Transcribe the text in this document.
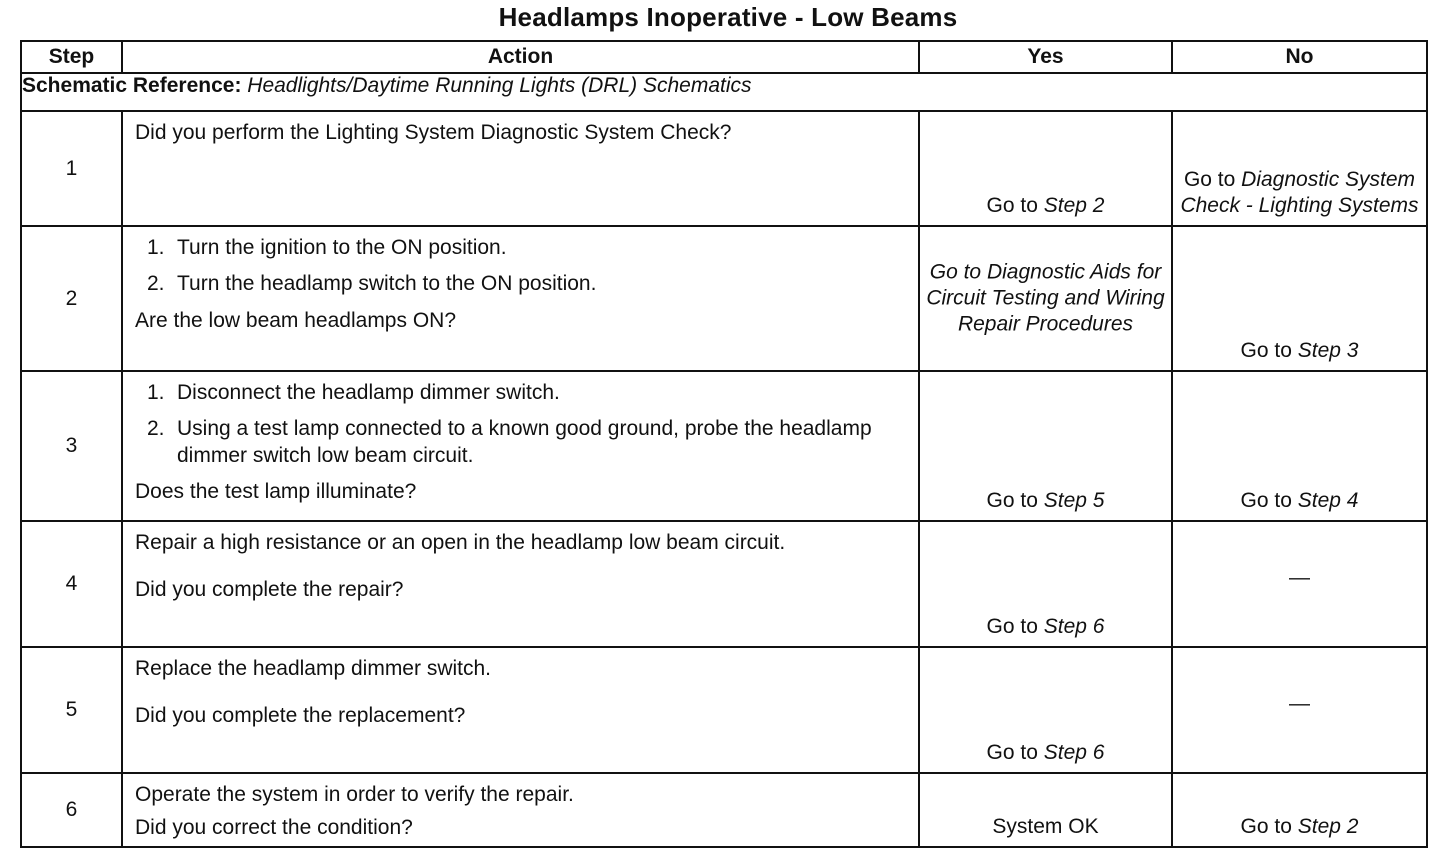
Headlamps Inoperative - Low Beams
Step	Action	Yes	No
Schematic Reference: Headlights/Daytime Running Lights (DRL) Schematics			
1	Did you perform the Lighting System Diagnostic System Check?	Go to Step 2	Go to Diagnostic System Check - Lighting Systems

2	1. Turn the ignition to the ON position.
2. Turn the headlamp switch to the ON position.
Are the low beam headlamps ON?	Go to Diagnostic Aids for Circuit Testing and Wiring Repair Procedures	Go to Step 3

3	1. Disconnect the headlamp dimmer switch.
2. Using a test lamp connected to a known good ground, probe the headlamp dimmer switch low beam circuit.
Does the test lamp illuminate?	Go to Step 5	Go to Step 4

4	Repair a high resistance or an open in the headlamp low beam circuit.
Did you complete the repair?	Go to Step 6	—

5	Replace the headlamp dimmer switch.
Did you complete the replacement?	Go to Step 6	—

6	Operate the system in order to verify the repair.
Did you correct the condition?	System OK	Go to Step 2
